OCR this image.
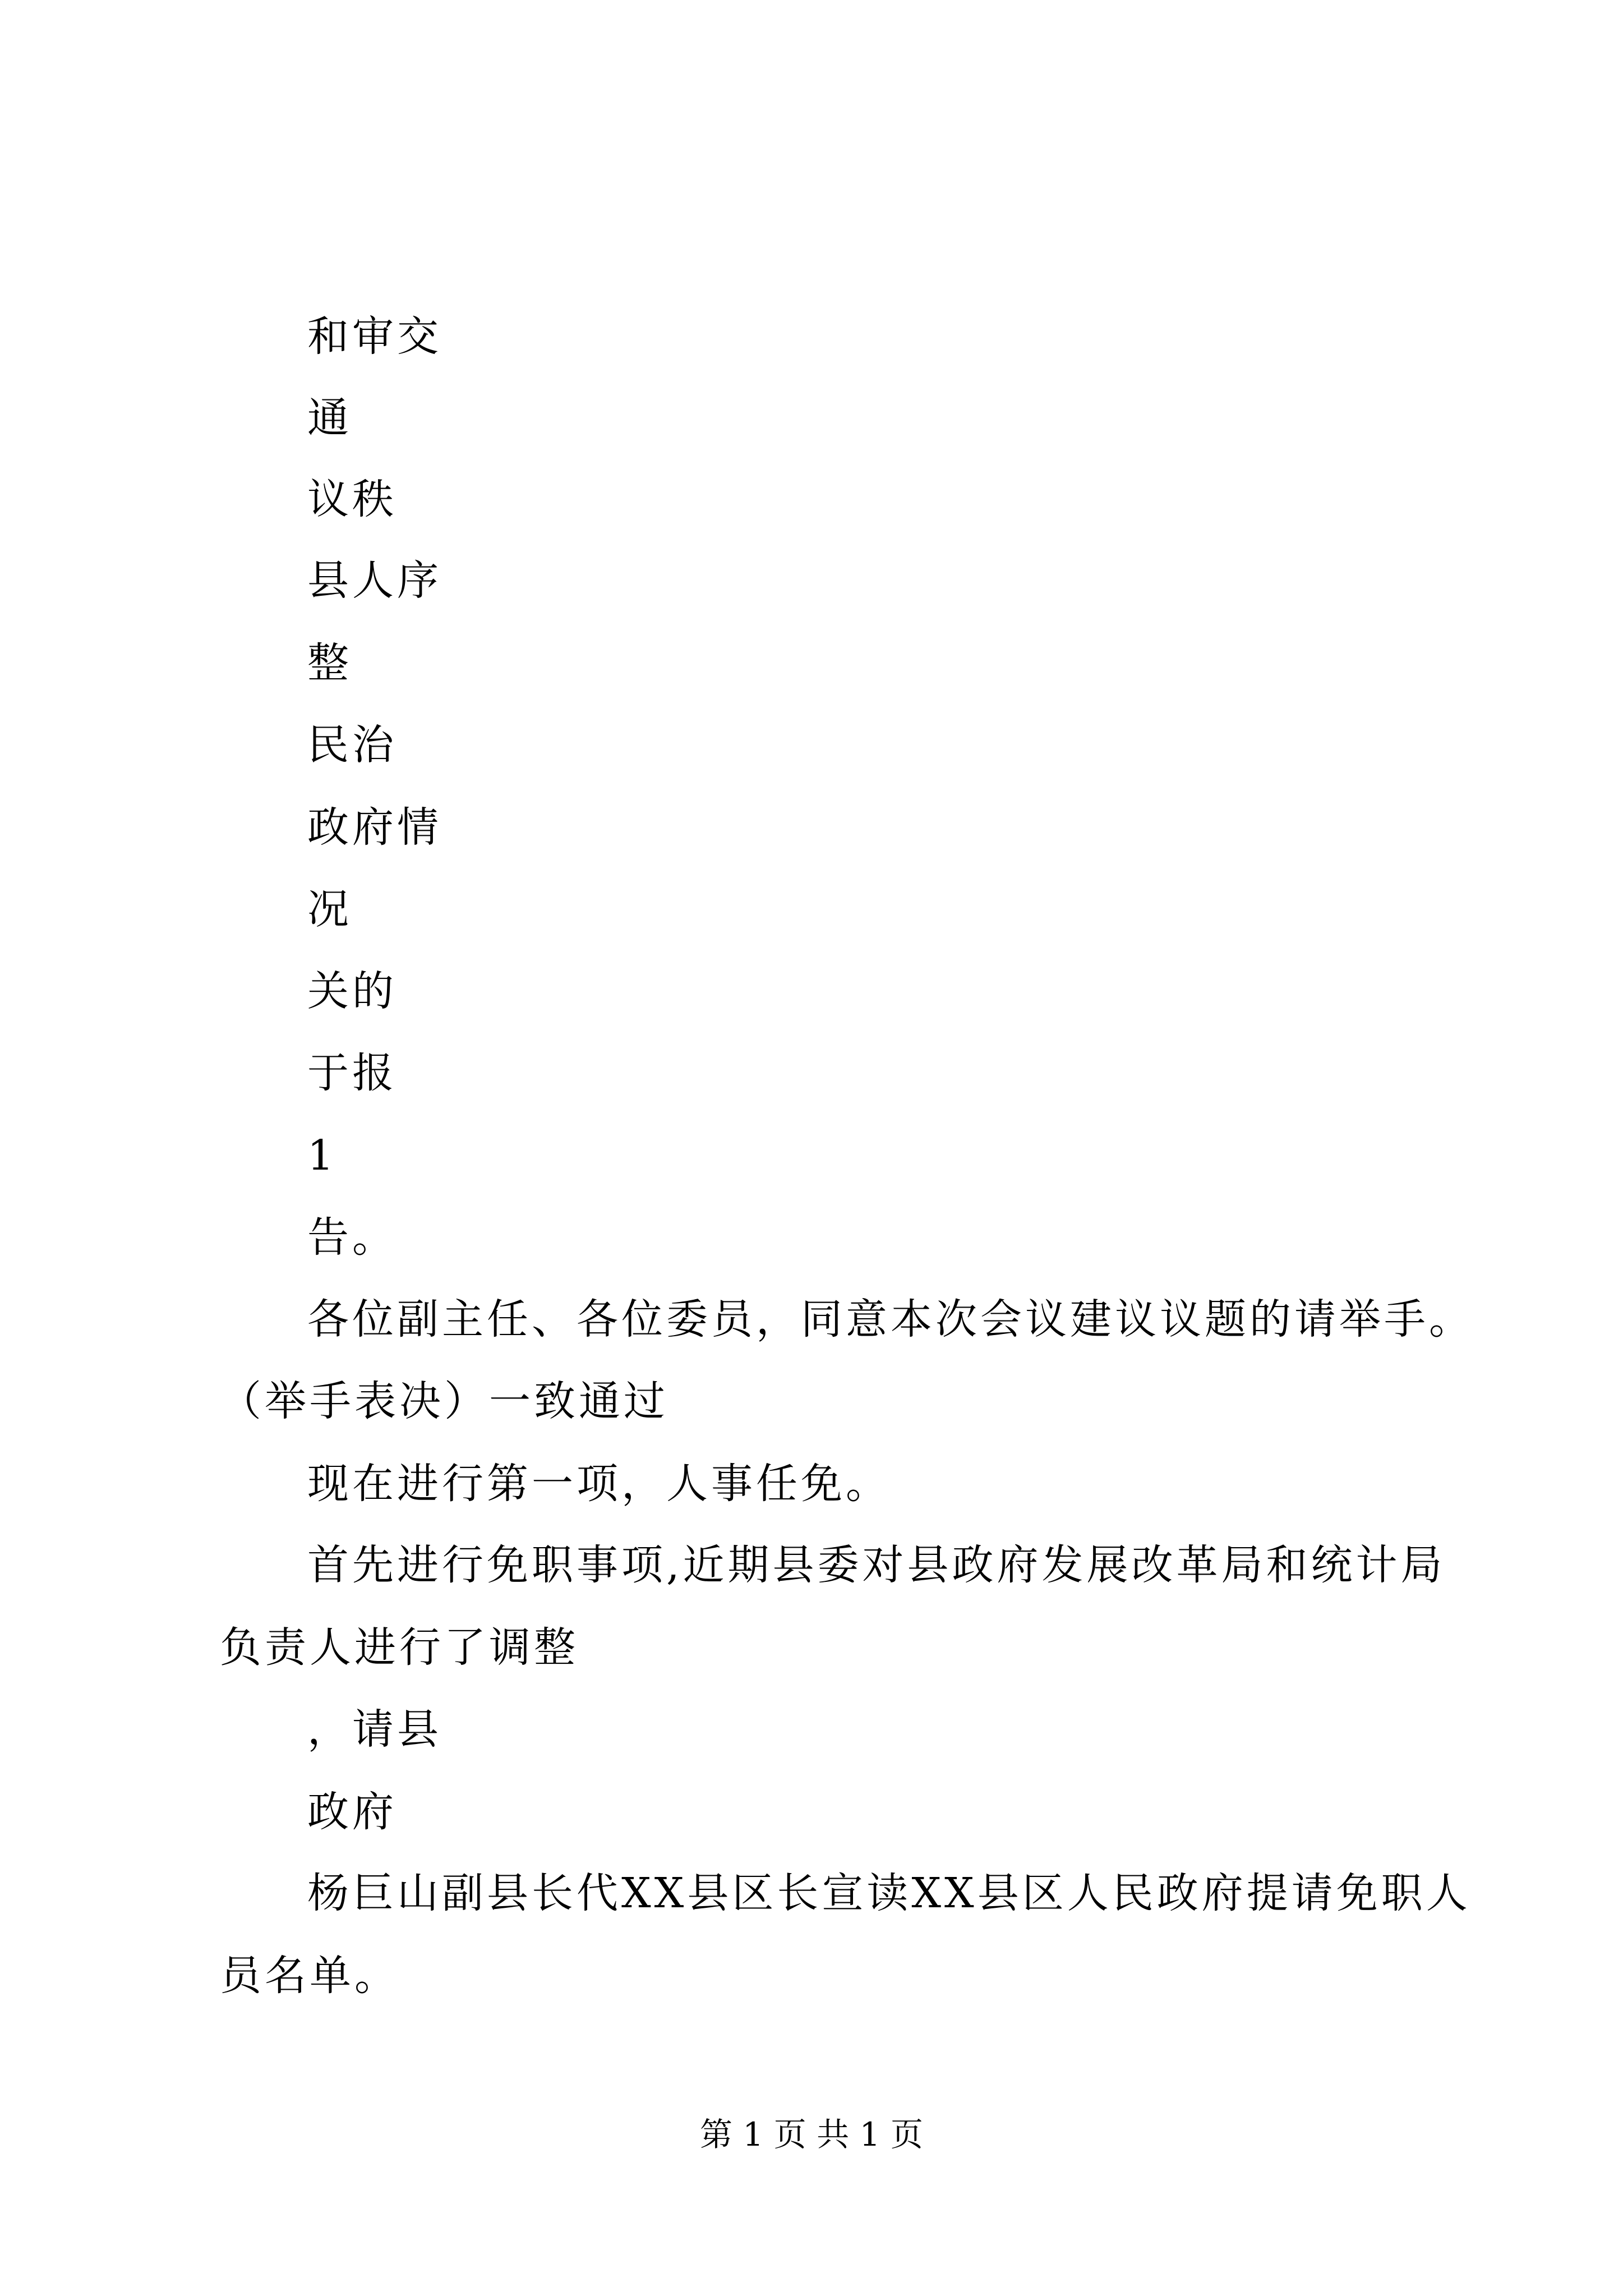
和审交
通
议秩
县人序
整
民治
政府情
况
关的
于报
1
告。
各位副主任、各位委员，同意本次会议建议议题的请举手。
（举手表决）一致通过
现在进行第一项，人事任免。
首先进行免职事项,近期县委对县政府发展改革局和统计局
负责人进行了调整
，请县
政府
杨巨山副县长代XX县区长宣读XX县区人民政府提请免职人
员名单。
第 1 页 共 1 页
